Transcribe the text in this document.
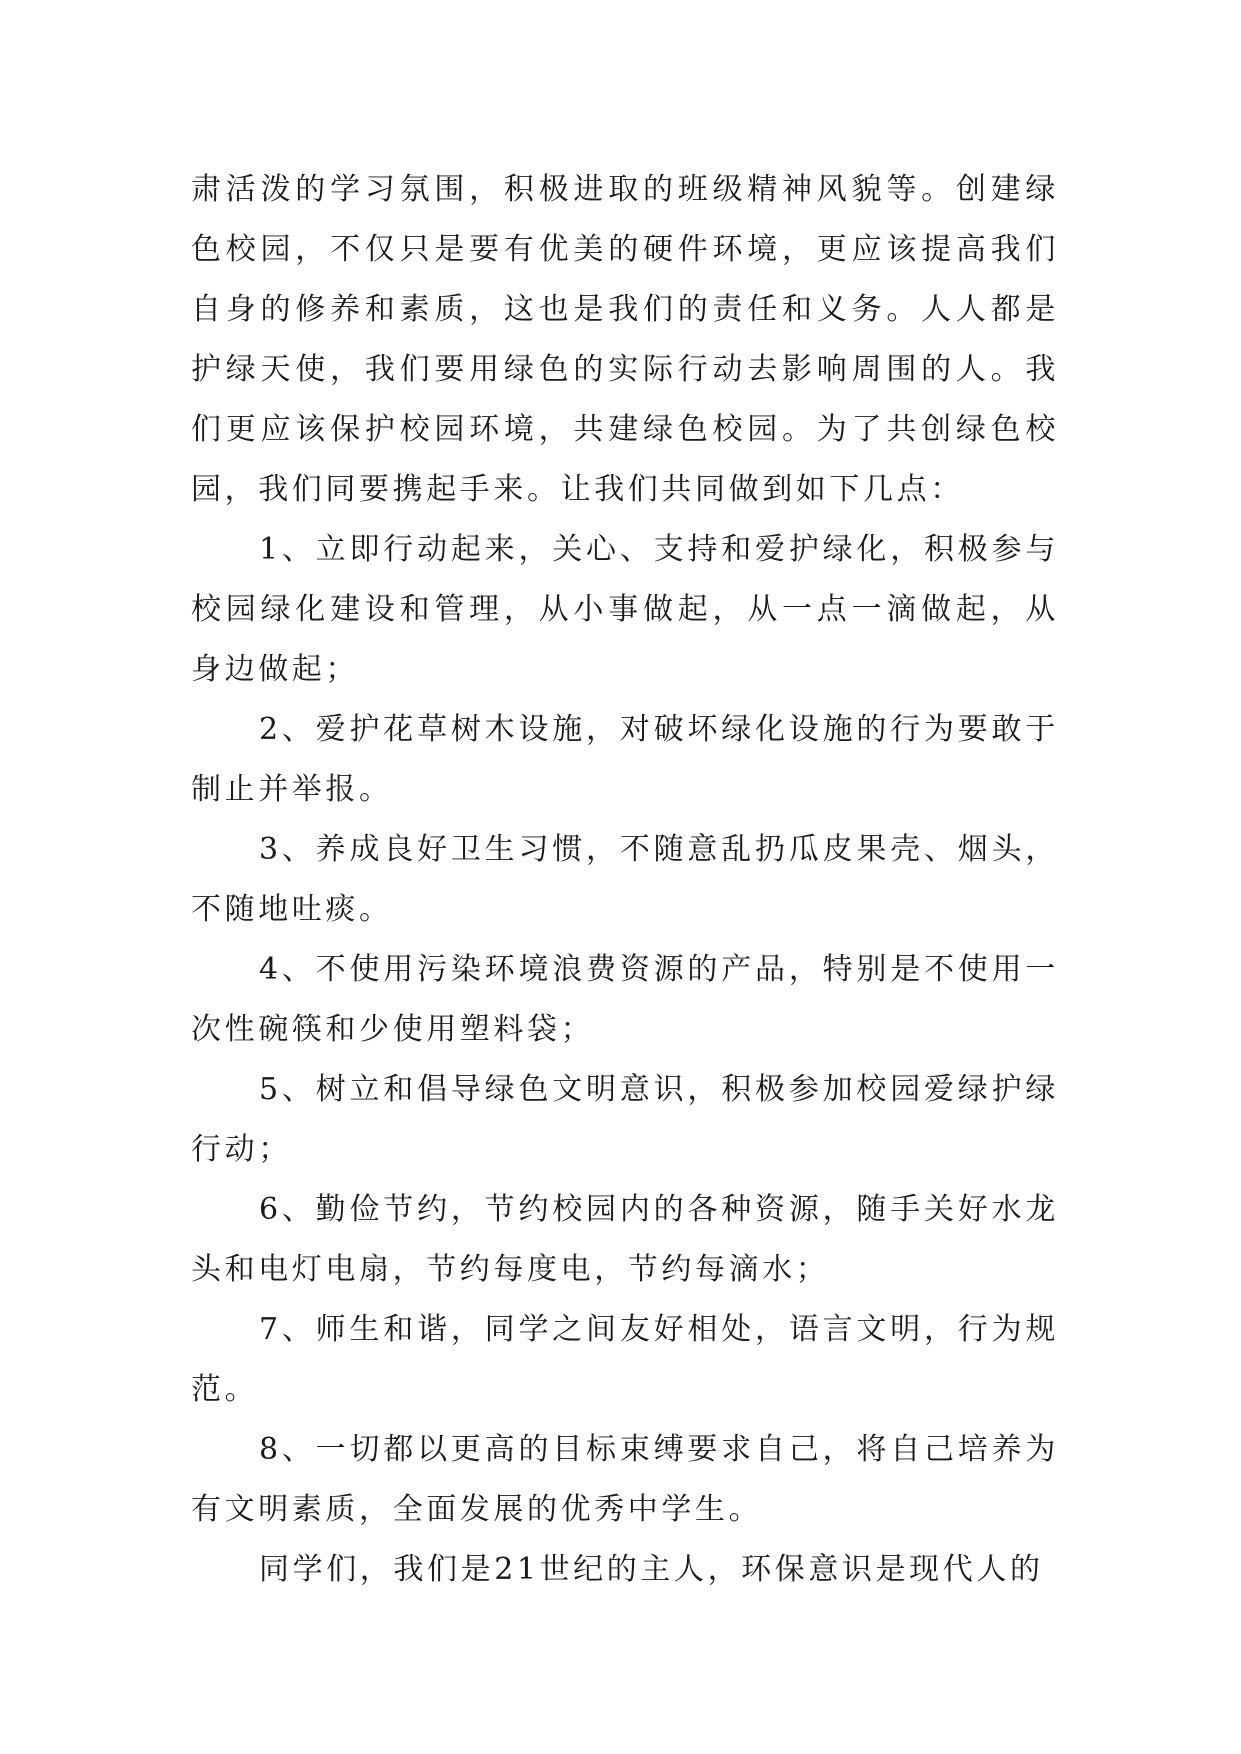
肃活泼的学习氛围，积极进取的班级精神风貌等。创建绿色校园，不仅只是要有优美的硬件环境，更应该提高我们自身的修养和素质，这也是我们的责任和义务。人人都是护绿天使，我们要用绿色的实际行动去影响周围的人。我们更应该保护校园环境，共建绿色校园。为了共创绿色校园，我们同要携起手来。让我们共同做到如下几点：

1、立即行动起来，关心、支持和爱护绿化，积极参与校园绿化建设和管理，从小事做起，从一点一滴做起，从身边做起；

2、爱护花草树木设施，对破坏绿化设施的行为要敢于制止并举报。

3、养成良好卫生习惯，不随意乱扔瓜皮果壳、烟头，不随地吐痰。

4、不使用污染环境浪费资源的产品，特别是不使用一次性碗筷和少使用塑料袋；

5、树立和倡导绿色文明意识，积极参加校园爱绿护绿行动；

6、勤俭节约，节约校园内的各种资源，随手关好水龙头和电灯电扇，节约每度电，节约每滴水；

7、师生和谐，同学之间友好相处，语言文明，行为规范。

8、一切都以更高的目标束缚要求自己，将自己培养为有文明素质，全面发展的优秀中学生。

同学们，我们是21世纪的主人，环保意识是现代人的
